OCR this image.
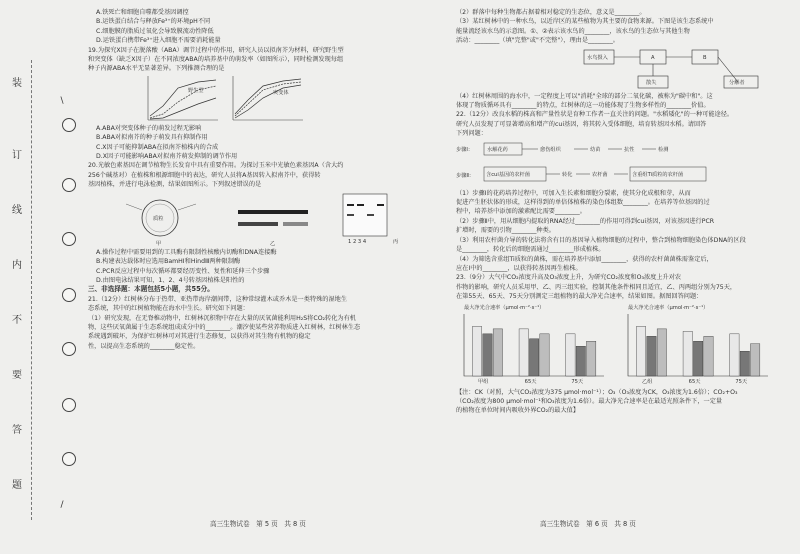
装
订
线
内
不
要
答
题
\
/
A.铁死亡和细胞自噬都受基因调控
B.运铁蛋白结合与释放Fe³⁺的环境pH不同
C.细胞膜的脂质过氧化会导致膜流动性降低
D.运铁蛋白携带Fe³⁺进入细胞不需要消耗能量
19.为探究X因子在脱落酸（ABA）调节过程中的作用，研究人员以拟南芥为材料，研究野生型
和突变体（缺乏X因子）在不同浓度ABA的培养基中的萌发率（如图所示），同时检测发现每组
种子内源ABA水平无显著差异。下列推测合理的是
野生型	突变体
A.ABA对突变体种子的萌发过程无影响
B.ABA对拟南芥的种子萌发具有抑制作用
C.X因子可能抑制ABA在拟南芥植株内的合成
D.X因子可能影响ABA对拟南芥萌发抑制的调节作用
20.光敏色素基因在调节植物生长发育中具有重要作用。为探讨玉米中光敏色素基因A（含大约
256个碱基对）在植株和根源细胞中的表达，研究人员将A基因转入拟南芥中，获得转
基因植株，并进行电泳检测，结果如图所示。下列叙述错误的是
质粒
甲	乙	1 2 3 4	丙
A.操作过程中需要用到的工具酶有限制性核酸内切酶和DNA连接酶
B.构建表达载体时应选用BamHⅠ和HindⅢ两种限制酶
C.PCR反应过程中每次循环都要经历变性、复性和延伸三个步骤
D.由图电泳结果可知，1、2、4号转基因植株是阳性的
三、非选择题：本题包括5小题，共55分。
21.（12分）红树林分布于热带、亚热带海岸潮间带，这种常绿灌木或乔木是一类特殊的湿地生
态系统，其中的红树植物能在海水中生长。研究如下问题：
（1）研究发现，在无脊椎动物中，红树林沉积物中存在大量的厌氧菌能利用H₂S将CO₂转化为有机
物，这些厌氧菌属于生态系统组成成分中的________。潮汐使某些营养物质进入红树林，红树林生态
系统遇到破坏，为保护红树林可对其进行生态修复，以获得对其生物有机物的稳定
性，以提高生态系统的________稳定性。
（2）群落中每种生物都占据着相对稳定的生态位，意义是________。
（3）某红树林中的一种水鸟，以近岸区的某些植物为其主要的食物来源。下图是该生态系统中
能量流经该水鸟的示意图。①、②表示该水鸟的________，该水鸟的生态位与其他生物
活动：________（填"完整"或"不完整"），理由是________。
水鸟摄入	A	B
散失	分解者
（4）红树林周围的海水中，一定程度上可以"消耗"全球的部分二氧化碳，被称为"碳中和"。这
体现了物质循环具有________的特点，红树林的这一功能体现了生物多样性的________价值。
22.（12分）改良水稻的株高和产量性状是育种工作者一直关注的问题。"水稻矮化"的一种可能途径。
研究人员发现了可显著增高和增产的cui基因，将其转入受体细胞，培育转基因水稻。请回答
下列问题：
步骤Ⅰ：	水解花药	愈伤组织	幼苗	抗性	检测
步骤Ⅱ： 含cui基因的农杆菌	转化	农杆菌	含重组Ti质粒的农杆菌
（1）步骤Ⅰ的花药培养过程中，可加入生长素和细胞分裂素，使其分化成根和芽，从而
促进产生胚状体的形成，这样得到的单倍体植株的染色体组数________。在培养等位基因的过
程中，培养基中添加的激素配比需要________。
（2）步骤Ⅱ中，用从细胞内提取的RNA经过________的作用可得到cui基因，对该基因进行PCR
扩增时，需要的引物________种类。
（3）利用农杆菌介导的转化法将含有目的基因导入植物细胞的过程中，整合到植物细胞染色体DNA的区段
是________，转化后的细胞需通过________形成植株。
（4）为筛选含重组Ti质粒的菌株，需在培养基中添加________，获得的农杆菌菌株需鉴定后，
应在Ⅰ中的________，以获得转基因再生植株。
23.（9分）大气中CO₂浓度升高及O₃浓度上升，为研究CO₂浓度和O₃浓度上升对农
作物的影响，研究人员采用甲、乙、丙三组实验，控制其他条件相同且适宜，乙、丙两组分别为75天，
在第55天、65天、75天分别测定三组植物的最大净光合速率，结果如图。据图回答问题：
最大净光合速率（μmol·m⁻²·s⁻¹）
甲组	65天	75天
最大净光合速率（μmol·m⁻²·s⁻¹）
乙组	65天	75天
【注：CK（对照，大气CO₂浓度为375 μmol·mol⁻¹）；O₃（O₃浓度为CK，O₃浓度为1.6倍）；CO₂+O₃
（CO₂浓度为800 μmol·mol⁻¹和O₃浓度为1.6倍）。最大净光合速率是在最适光照条件下，一定量
的植物在单位时间内吸收外界CO₂的最大值】
高三生物试卷　第 5 页　共 8 页	高三生物试卷　第 6 页　共 8 页
